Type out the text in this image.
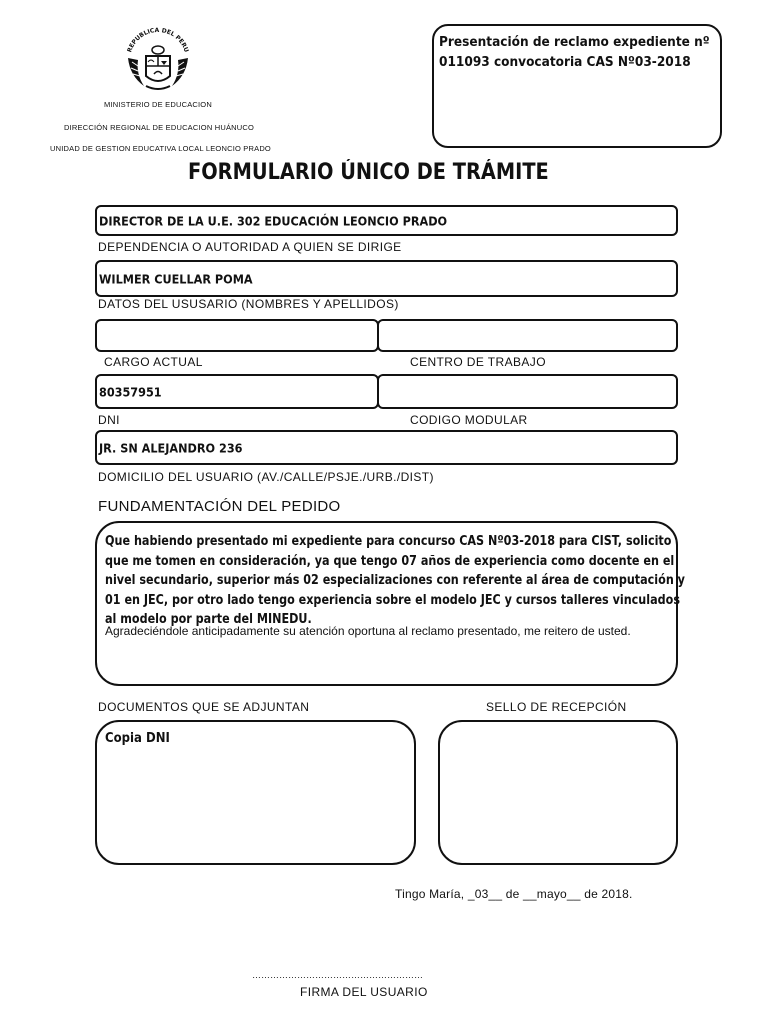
REPUBLICA DEL PERU
MINISTERIO DE EDUCACION
DIRECCIÓN REGIONAL DE EDUCACION HUÁNUCO
UNIDAD DE GESTION EDUCATIVA LOCAL LEONCIO PRADO
Presentación de reclamo expediente nº
011093 convocatoria CAS Nº03-2018
FORMULARIO ÚNICO DE TRÁMITE
DIRECTOR DE LA U.E. 302 EDUCACIÓN LEONCIO PRADO
DEPENDENCIA O AUTORIDAD A QUIEN SE DIRIGE
WILMER CUELLAR POMA
DATOS DEL USUSARIO (NOMBRES Y APELLIDOS)
CARGO ACTUAL	CENTRO DE TRABAJO
80357951
DNI	CODIGO MODULAR
JR. SN ALEJANDRO 236
DOMICILIO DEL USUARIO (AV./CALLE/PSJE./URB./DIST)
FUNDAMENTACIÓN DEL PEDIDO
Que habiendo presentado mi expediente para concurso CAS Nº03-2018 para CIST, solicito
que me tomen en consideración, ya que tengo 07 años de experiencia como docente en el
nivel secundario, superior más 02 especializaciones con referente al área de computación y
01 en JEC, por otro lado tengo experiencia sobre el modelo JEC y cursos talleres vinculados
al modelo por parte del MINEDU.
Agradeciéndole anticipadamente su atención oportuna al reclamo presentado, me reitero de usted.
DOCUMENTOS QUE SE ADJUNTAN	SELLO DE RECEPCIÓN
Copia DNI
Tingo María, _03__ de __mayo__ de 2018.
…………………………………………………
FIRMA DEL USUARIO
